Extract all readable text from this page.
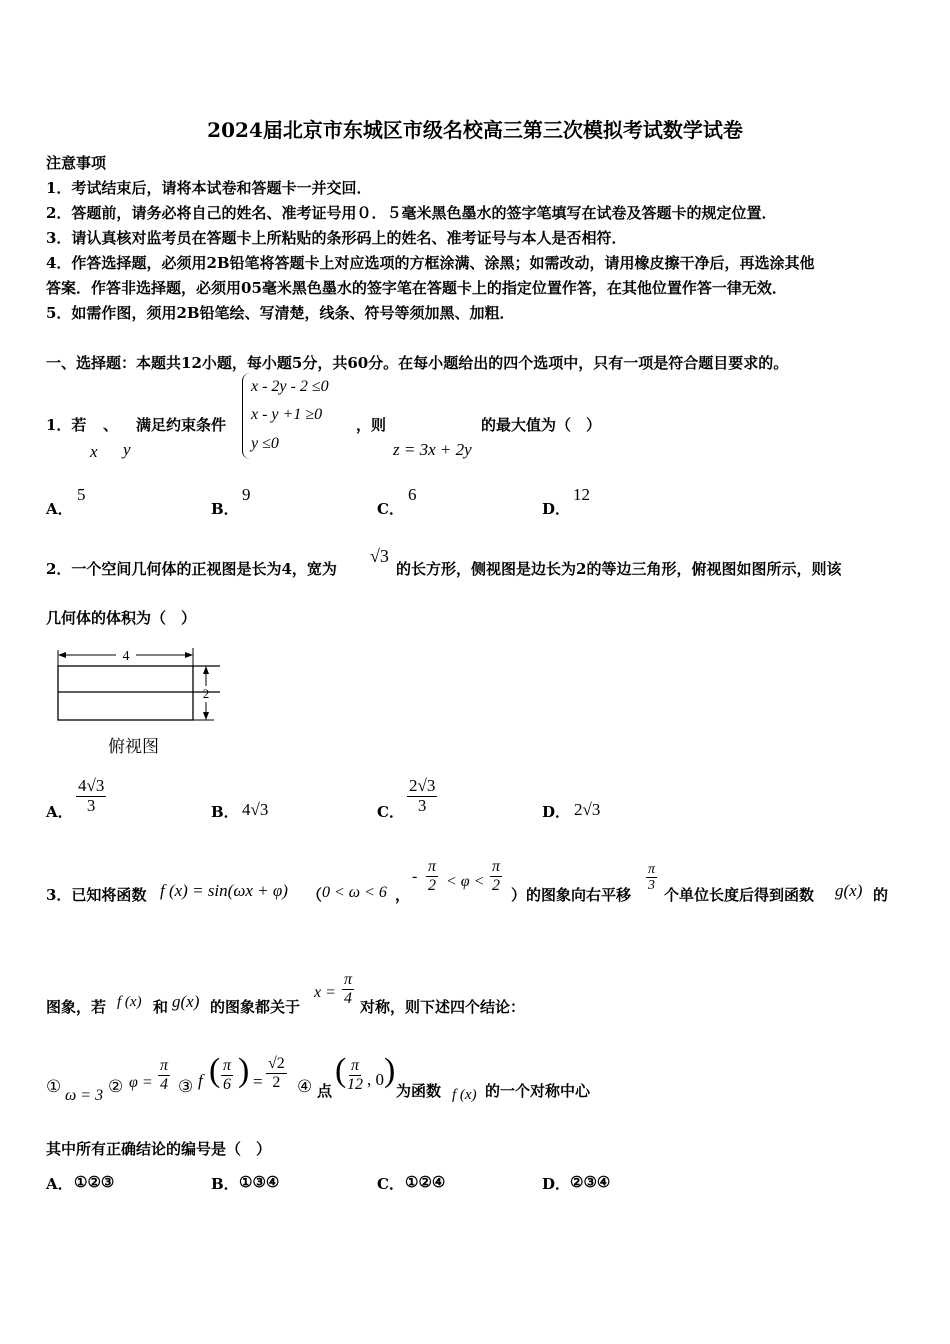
2024届北京市东城区市级名校高三第三次模拟考试数学试卷
注意事项
1．考试结束后，请将本试卷和答题卡一并交回．
2．答题前，请务必将自己的姓名、准考证号用０．５毫米黑色墨水的签字笔填写在试卷及答题卡的规定位置．
3．请认真核对监考员在答题卡上所粘贴的条形码上的姓名、准考证号与本人是否相符．
4．作答选择题，必须用2B铅笔将答题卡上对应选项的方框涂满、涂黑；如需改动，请用橡皮擦干净后，再选涂其他
答案．作答非选择题，必须用05毫米黑色墨水的签字笔在答题卡上的指定位置作答，在其他位置作答一律无效．
5．如需作图，须用2B铅笔绘、写清楚，线条、符号等须加黑、加粗．
一、选择题：本题共12小题，每小题5分，共60分。在每小题给出的四个选项中，只有一项是符合题目要求的。
1．若 、 满足约束条件
x y
x - 2y - 2 ≤0
x - y +1 ≥0
y ≤0
，则
z = 3x + 2y
的最大值为（　）
A．
5
B．
9
C．
6
D．
12
2．一个空间几何体的正视图是长为4，宽为
√3
的长方形，侧视图是边长为2的等边三角形，俯视图如图所示，则该
几何体的体积为（　）
4
2
俯视图
A． $\frac{4√3}{3}$	B． 4√3	C． $\frac{2√3}{3}$	D． 2√3
3．已知将函数 f (x) = sin(ωx + φ) （ 0 < ω < 6 ，
- $\frac{\pi}{2} < \varphi < \frac{\pi}{2}$
）的图象向右平移
$\frac{\pi}{3}$
个单位长度后得到函数 g(x) 的
图象，若 f (x) 和 g(x) 的图象都关于
$x = \frac{\pi}{4}$ 对称，则下述四个结论：
① ω = 3 ② $\varphi = \frac{\pi}{4}$ ③ f ( $\frac{\pi}{6}$ ) = $\frac{√2}{2}$ ④ 点
(
$\frac{\pi}{12}$ , 0 )
为函数 f (x) 的一个对称中心
其中所有正确结论的编号是（　）
A． ①②③	B． ①③④	C． ①②④	D． ②③④
